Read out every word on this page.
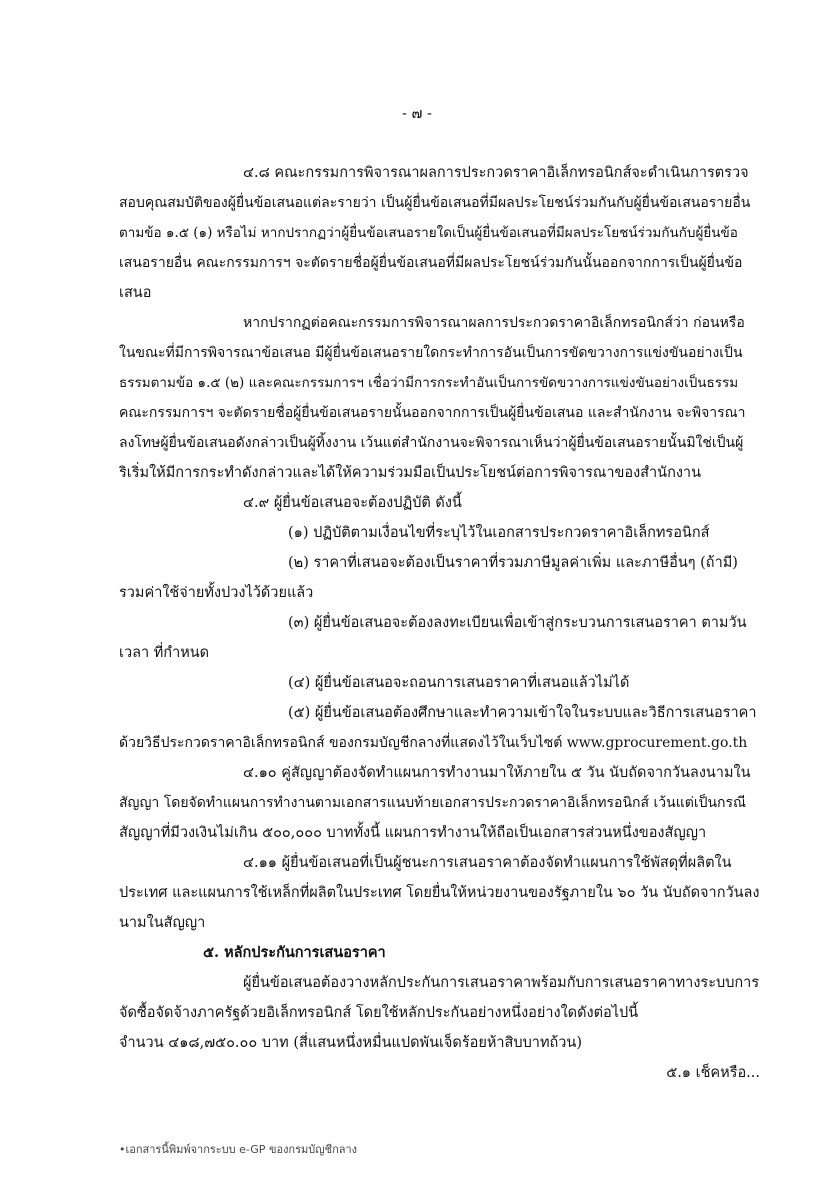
- ๗ -
๔.๘ คณะกรรมการพิจารณาผลการประกวดราคาอิเล็กทรอนิกส์จะดำเนินการตรวจ
สอบคุณสมบัติของผู้ยื่นข้อเสนอแต่ละรายว่า เป็นผู้ยื่นข้อเสนอที่มีผลประโยชน์ร่วมกันกับผู้ยื่นข้อเสนอรายอื่น
ตามข้อ ๑.๕ (๑) หรือไม่ หากปรากฏว่าผู้ยื่นข้อเสนอรายใดเป็นผู้ยื่นข้อเสนอที่มีผลประโยชน์ร่วมกันกับผู้ยื่นข้อ
เสนอรายอื่น คณะกรรมการฯ จะตัดรายชื่อผู้ยื่นข้อเสนอที่มีผลประโยชน์ร่วมกันนั้นออกจากการเป็นผู้ยื่นข้อ
เสนอ
หากปรากฏต่อคณะกรรมการพิจารณาผลการประกวดราคาอิเล็กทรอนิกส์ว่า ก่อนหรือ
ในขณะที่มีการพิจารณาข้อเสนอ มีผู้ยื่นข้อเสนอรายใดกระทำการอันเป็นการขัดขวางการแข่งขันอย่างเป็น
ธรรมตามข้อ ๑.๕ (๒) และคณะกรรมการฯ เชื่อว่ามีการกระทำอันเป็นการขัดขวางการแข่งขันอย่างเป็นธรรม
คณะกรรมการฯ จะตัดรายชื่อผู้ยื่นข้อเสนอรายนั้นออกจากการเป็นผู้ยื่นข้อเสนอ และสำนักงาน จะพิจารณา
ลงโทษผู้ยื่นข้อเสนอดังกล่าวเป็นผู้ทิ้งงาน เว้นแต่สำนักงานจะพิจารณาเห็นว่าผู้ยื่นข้อเสนอรายนั้นมิใช่เป็นผู้
ริเริ่มให้มีการกระทำดังกล่าวและได้ให้ความร่วมมือเป็นประโยชน์ต่อการพิจารณาของสำนักงาน
๔.๙ ผู้ยื่นข้อเสนอจะต้องปฏิบัติ ดังนี้
(๑) ปฏิบัติตามเงื่อนไขที่ระบุไว้ในเอกสารประกวดราคาอิเล็กทรอนิกส์
(๒) ราคาที่เสนอจะต้องเป็นราคาที่รวมภาษีมูลค่าเพิ่ม และภาษีอื่นๆ (ถ้ามี)
รวมค่าใช้จ่ายทั้งปวงไว้ด้วยแล้ว
(๓) ผู้ยื่นข้อเสนอจะต้องลงทะเบียนเพื่อเข้าสู่กระบวนการเสนอราคา ตามวัน
เวลา ที่กำหนด
(๔) ผู้ยื่นข้อเสนอจะถอนการเสนอราคาที่เสนอแล้วไม่ได้
(๕) ผู้ยื่นข้อเสนอต้องศึกษาและทำความเข้าใจในระบบและวิธีการเสนอราคา
ด้วยวิธีประกวดราคาอิเล็กทรอนิกส์ ของกรมบัญชีกลางที่แสดงไว้ในเว็บไซต์ www.gprocurement.go.th
๔.๑๐ คู่สัญญาต้องจัดทำแผนการทำงานมาให้ภายใน ๕ วัน นับถัดจากวันลงนามใน
สัญญา โดยจัดทำแผนการทำงานตามเอกสารแนบท้ายเอกสารประกวดราคาอิเล็กทรอนิกส์ เว้นแต่เป็นกรณี
สัญญาที่มีวงเงินไม่เกิน ๕๐๐,๐๐๐ บาททั้งนี้ แผนการทำงานให้ถือเป็นเอกสารส่วนหนึ่งของสัญญา
๔.๑๑ ผู้ยื่นข้อเสนอที่เป็นผู้ชนะการเสนอราคาต้องจัดทำแผนการใช้พัสดุที่ผลิตใน
ประเทศ และแผนการใช้เหล็กที่ผลิตในประเทศ โดยยื่นให้หน่วยงานของรัฐภายใน ๖๐ วัน นับถัดจากวันลง
นามในสัญญา
๕. หลักประกันการเสนอราคา
ผู้ยื่นข้อเสนอต้องวางหลักประกันการเสนอราคาพร้อมกับการเสนอราคาทางระบบการ
จัดซื้อจัดจ้างภาครัฐด้วยอิเล็กทรอนิกส์ โดยใช้หลักประกันอย่างหนึ่งอย่างใดดังต่อไปนี้
จำนวน ๔๑๘,๗๕๐.๐๐ บาท (สี่แสนหนึ่งหมื่นแปดพันเจ็ดร้อยห้าสิบบาทถ้วน)
๕.๑ เช็คหรือ...
•เอกสารนี้พิมพ์จากระบบ e-GP ของกรมบัญชีกลาง
